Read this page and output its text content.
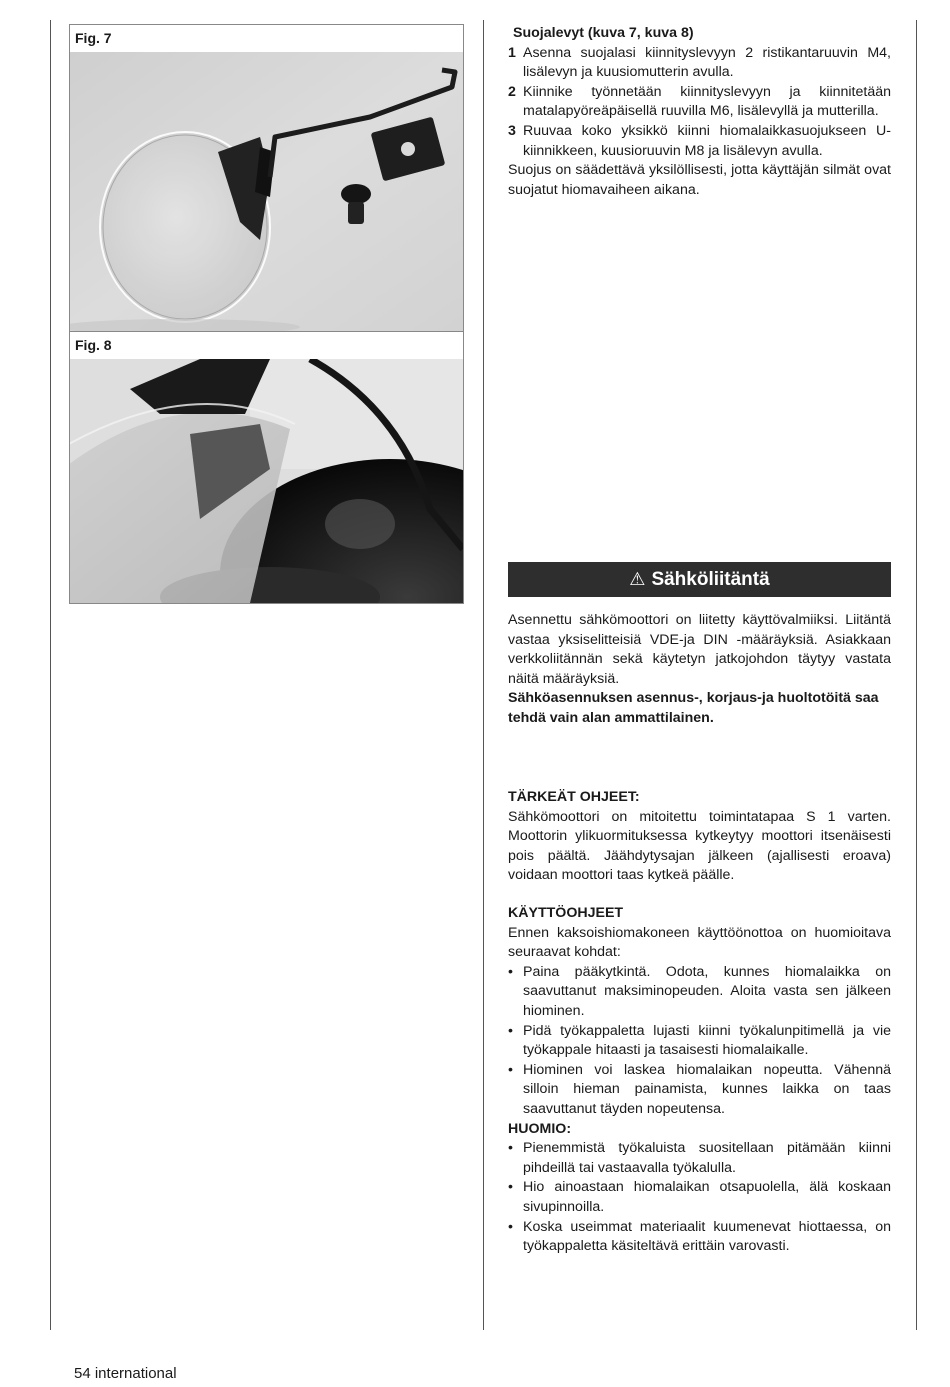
Fig. 7
Fig. 8
Suojalevyt (kuva 7, kuva 8)
1 Asenna suojalasi kiinnityslevyyn 2 ristikantaruuvin M4, lisälevyn ja kuusiomutterin avulla.
2 Kiinnike työnnetään kiinnityslevyyn ja kiinnitetään matalapyöreäpäisellä ruuvilla M6, lisälevyllä ja mutterilla.
3 Ruuvaa koko yksikkö kiinni hiomalaikkasuojukseen U-kiinnikkeen, kuusioruuvin M8 ja lisälevyn avulla.
Suojus on säädettävä yksilöllisesti, jotta käyttäjän silmät ovat suojatut hiomavaiheen aikana.
⚠ Sähköliitäntä
Asennettu sähkömoottori on liitetty käyttövalmiiksi. Liitäntä vastaa yksiselitteisiä VDE-ja DIN -määräyksiä. Asiakkaan verkkoliitännän sekä käytetyn jatkojohdon täytyy vastata näitä määräyksiä.
Sähköasennuksen asennus-, korjaus-ja huoltotöitä saa tehdä vain alan ammattilainen.
TÄRKEÄT OHJEET:
Sähkömoottori on mitoitettu toimintatapaa S 1 varten. Moottorin ylikuormituksessa kytkeytyy moottori itsenäisesti pois päältä. Jäähdytysajan jälkeen (ajallisesti eroava) voidaan moottori taas kytkeä päälle.
KÄYTTÖOHJEET
Ennen kaksoishiomakoneen käyttöönottoa on huomioitava seuraavat kohdat:
• Paina pääkytkintä. Odota, kunnes hiomalaikka on saavuttanut maksiminopeuden. Aloita vasta sen jälkeen hiominen.
• Pidä työkappaletta lujasti kiinni työkalunpitimellä ja vie työkappale hitaasti ja tasaisesti hiomalaikalle.
• Hiominen voi laskea hiomalaikan nopeutta. Vähennä silloin hieman painamista, kunnes laikka on taas saavuttanut täyden nopeutensa.
HUOMIO:
• Pienemmistä työkaluista suositellaan pitämään kiinni pihdeillä tai vastaavalla työkalulla.
• Hio ainoastaan hiomalaikan otsapuolella, älä koskaan sivupinnoilla.
• Koska useimmat materiaalit kuumenevat hiottaessa, on työkappaletta käsiteltävä erittäin varovasti.
54 international
